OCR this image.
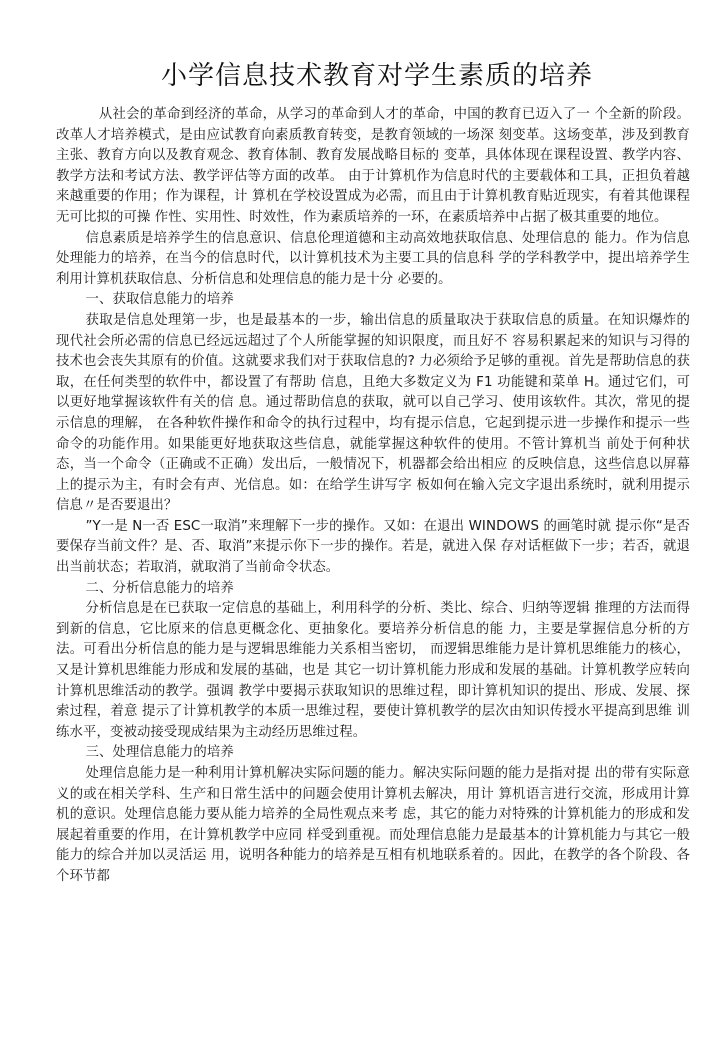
小学信息技术教育对学生素质的培养

从社会的革命到经济的革命，从学习的革命到人才的革命，中国的教育已迈入了一 个全新的阶段。改革人才培养模式，是由应试教育向素质教育转变，是教育领域的一场深 刻变革。这场变革，涉及到教育主张、教育方向以及教育观念、教育体制、教育发展战略目标的 变革，具体体现在课程设置、教学内容、教学方法和考试方法、教学评估等方面的改革。 由于计算机作为信息时代的主要载体和工具，正担负着越来越重要的作用；作为课程，计 算机在学校设置成为必需，而且由于计算机教育贴近现实，有着其他课程无可比拟的可操 作性、实用性、时效性，作为素质培养的一环，在素质培养中占据了极其重要的地位。

信息素质是培养学生的信息意识、信息伦理道德和主动高效地获取信息、处理信息的 能力。作为信息处理能力的培养，在当今的信息时代，以计算机技术为主要工具的信息科 学的学科教学中，提出培养学生利用计算机获取信息、分析信息和处理信息的能力是十分 必要的。

一、获取信息能力的培养

获取是信息处理第一步，也是最基本的一步，输出信息的质量取决于获取信息的质量。在知识爆炸的现代社会所必需的信息已经远远超过了个人所能掌握的知识限度，而且好不 容易积累起来的知识与习得的技术也会丧失其原有的价值。这就要求我们对于获取信息的? 力必须给予足够的重视。首先是帮助信息的获取，在任何类型的软件中，都设置了有帮助 信息，且绝大多数定义为 F1 功能键和菜单 H。通过它们，可以更好地掌握该软件有关的信 息。通过帮助信息的获取，就可以自己学习、使用该软件。其次，常见的提示信息的理解， 在各种软件操作和命令的执行过程中，均有提示信息，它起到提示进一步操作和提示一些 命令的功能作用。如果能更好地获取这些信息，就能掌握这种软件的使用。不管计算机当 前处于何种状态，当一个命令（正确或不正确）发出后，一般情况下，机器都会给出相应 的反映信息，这些信息以屏幕上的提示为主，有时会有声、光信息。如：在给学生讲写字 板如何在输入完文字退出系统时，就利用提示信息〃是否要退出？

”Y一是 N一否 ESC一取消”来理解下一步的操作。又如：在退出 WINDOWS 的画笔时就 提示你“是否要保存当前文件？是、否、取消”来提示你下一步的操作。若是，就进入保 存对话框做下一步；若否，就退出当前状态；若取消，就取消了当前命令状态。

二、分析信息能力的培养

分析信息是在已获取一定信息的基础上，利用科学的分析、类比、综合、归纳等逻辑 推理的方法而得到新的信息，它比原来的信息更概念化、更抽象化。要培养分析信息的能 力，主要是掌握信息分析的方法。可看出分析信息的能力是与逻辑思维能力关系相当密切， 而逻辑思维能力是计算机思维能力的核心，又是计算机思维能力形成和发展的基础，也是 其它一切计算机能力形成和发展的基础。计算机教学应转向计算机思维活动的教学。强调 教学中要揭示获取知识的思维过程，即计算机知识的提出、形成、发展、探索过程，着意 提示了计算机教学的本质一思维过程，要使计算机教学的层次由知识传授水平提高到思维 训练水平，变被动接受现成结果为主动经历思维过程。

三、处理信息能力的培养

处理信息能力是一种利用计算机解决实际问题的能力。解决实际问题的能力是指对提 出的带有实际意义的或在相关学科、生产和日常生活中的问题会使用计算机去解决，用计 算机语言进行交流，形成用计算机的意识。处理信息能力要从能力培养的全局性观点来考 虑，其它的能力对特殊的计算机能力的形成和发展起着重要的作用，在计算机教学中应同 样受到重视。而处理信息能力是最基本的计算机能力与其它一般能力的综合并加以灵活运 用，说明各种能力的培养是互相有机地联系着的。因此，在教学的各个阶段、各个环节都
